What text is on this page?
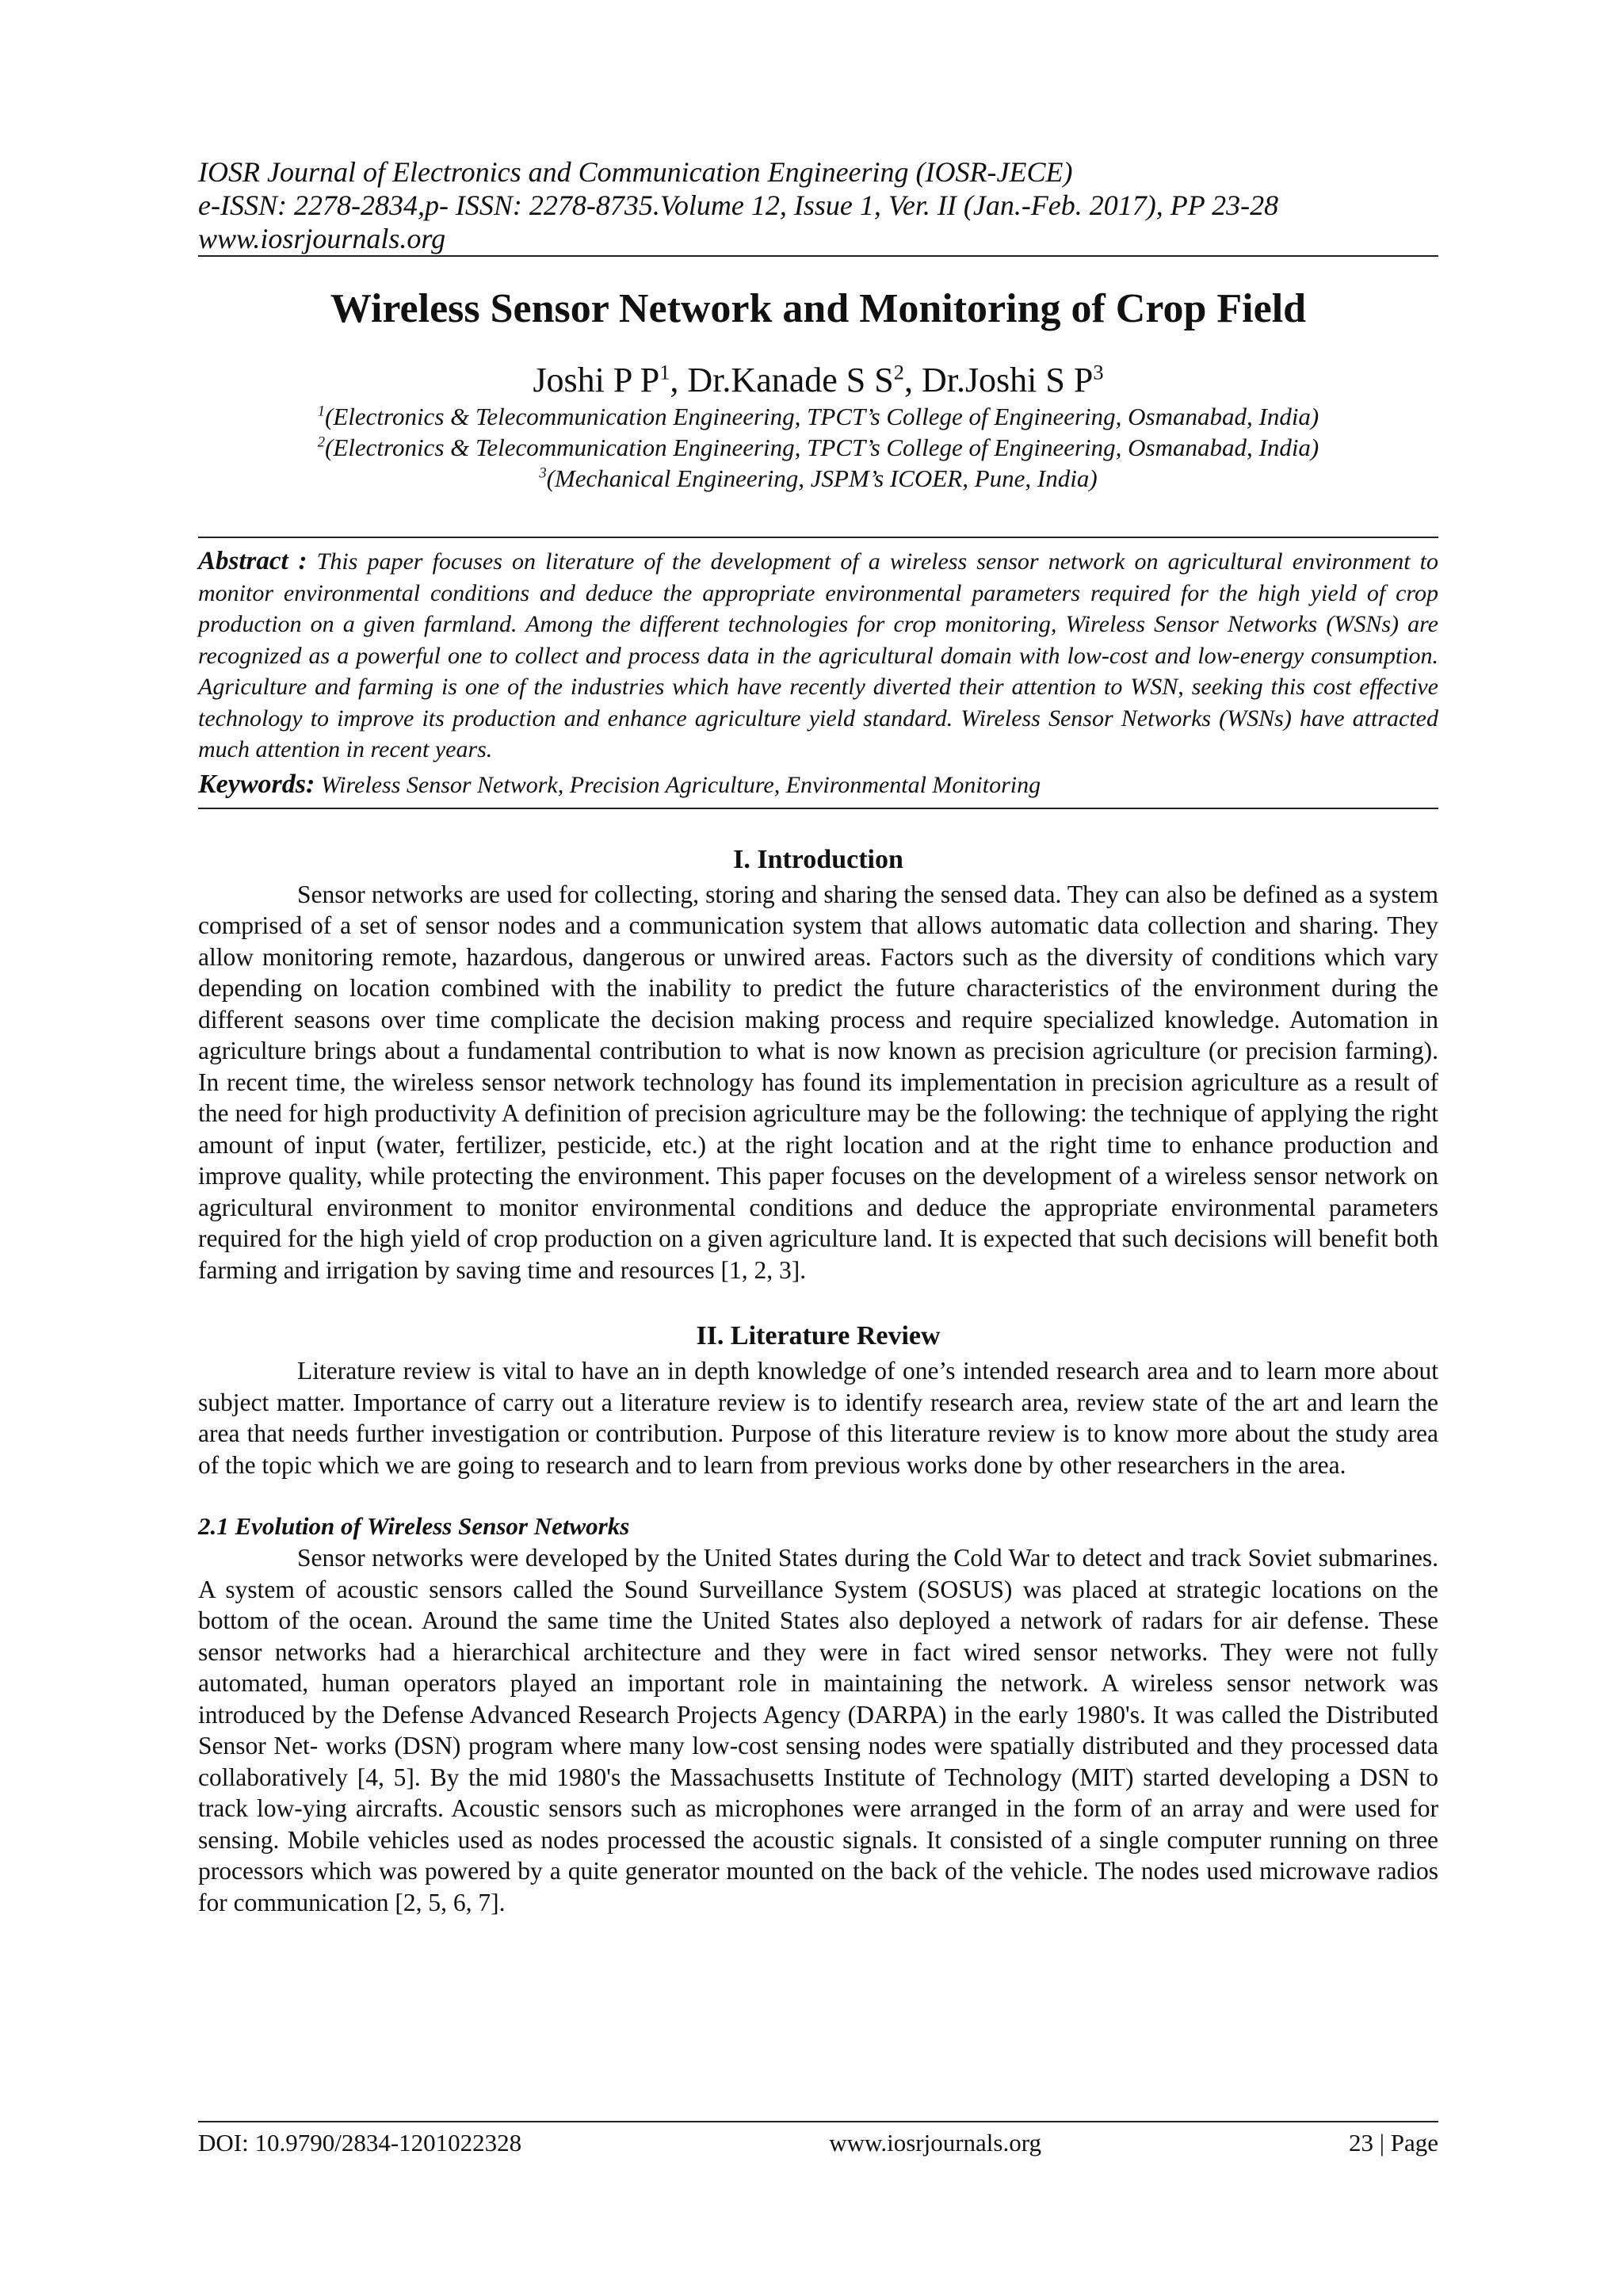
IOSR Journal of Electronics and Communication Engineering (IOSR-JECE)

e-ISSN: 2278-2834,p- ISSN: 2278-8735.Volume 12, Issue 1, Ver. II (Jan.-Feb. 2017), PP 23-28

www.iosrjournals.org

Wireless Sensor Network and Monitoring of Crop Field

Joshi P $P^1$, Dr.Kanade S $S^2$, Dr.Joshi S $P^3$

$^1$(Electronics & Telecommunication Engineering, TPCT’s College of Engineering, Osmanabad, India)

$^2$(Electronics & Telecommunication Engineering, TPCT’s College of Engineering, Osmanabad, India)

$^3$(Mechanical Engineering, JSPM’s ICOER, Pune, India)

Abstract : This paper focuses on literature of the development of a wireless sensor network on agricultural environment to monitor environmental conditions and deduce the appropriate environmental parameters required for the high yield of crop production on a given farmland. Among the different technologies for crop monitoring, Wireless Sensor Networks (WSNs) are recognized as a powerful one to collect and process data in the agricultural domain with low-cost and low-energy consumption. Agriculture and farming is one of the industries which have recently diverted their attention to WSN, seeking this cost effective technology to improve its production and enhance agriculture yield standard. Wireless Sensor Networks (WSNs) have attracted much attention in recent years.

Keywords: Wireless Sensor Network, Precision Agriculture, Environmental Monitoring

I. Introduction

Sensor networks are used for collecting, storing and sharing the sensed data. They can also be defined as a system comprised of a set of sensor nodes and a communication system that allows automatic data collection and sharing. They allow monitoring remote, hazardous, dangerous or unwired areas. Factors such as the diversity of conditions which vary depending on location combined with the inability to predict the future characteristics of the environment during the different seasons over time complicate the decision making process and require specialized knowledge. Automation in agriculture brings about a fundamental contribution to what is now known as precision agriculture (or precision farming). In recent time, the wireless sensor network technology has found its implementation in precision agriculture as a result of the need for high productivity A definition of precision agriculture may be the following: the technique of applying the right amount of input (water, fertilizer, pesticide, etc.) at the right location and at the right time to enhance production and improve quality, while protecting the environment. This paper focuses on the development of a wireless sensor network on agricultural environment to monitor environmental conditions and deduce the appropriate environmental parameters required for the high yield of crop production on a given agriculture land. It is expected that such decisions will benefit both farming and irrigation by saving time and resources [1, 2, 3].

II. Literature Review

Literature review is vital to have an in depth knowledge of one’s intended research area and to learn more about subject matter. Importance of carry out a literature review is to identify research area, review state of the art and learn the area that needs further investigation or contribution. Purpose of this literature review is to know more about the study area of the topic which we are going to research and to learn from previous works done by other researchers in the area.

2.1 Evolution of Wireless Sensor Networks

Sensor networks were developed by the United States during the Cold War to detect and track Soviet submarines. A system of acoustic sensors called the Sound Surveillance System (SOSUS) was placed at strategic locations on the bottom of the ocean. Around the same time the United States also deployed a network of radars for air defense. These sensor networks had a hierarchical architecture and they were in fact wired sensor networks. They were not fully automated, human operators played an important role in maintaining the network. A wireless sensor network was introduced by the Defense Advanced Research Projects Agency (DARPA) in the early 1980's. It was called the Distributed Sensor Net- works (DSN) program where many low-cost sensing nodes were spatially distributed and they processed data collaboratively [4, 5]. By the mid 1980's the Massachusetts Institute of Technology (MIT) started developing a DSN to track low-ying aircrafts. Acoustic sensors such as microphones were arranged in the form of an array and were used for sensing. Mobile vehicles used as nodes processed the acoustic signals. It consisted of a single computer running on three processors which was powered by a quite generator mounted on the back of the vehicle. The nodes used microwave radios for communication [2, 5, 6, 7].

DOI: 10.9790/2834-1201022328	www.iosrjournals.org	23 | Page
